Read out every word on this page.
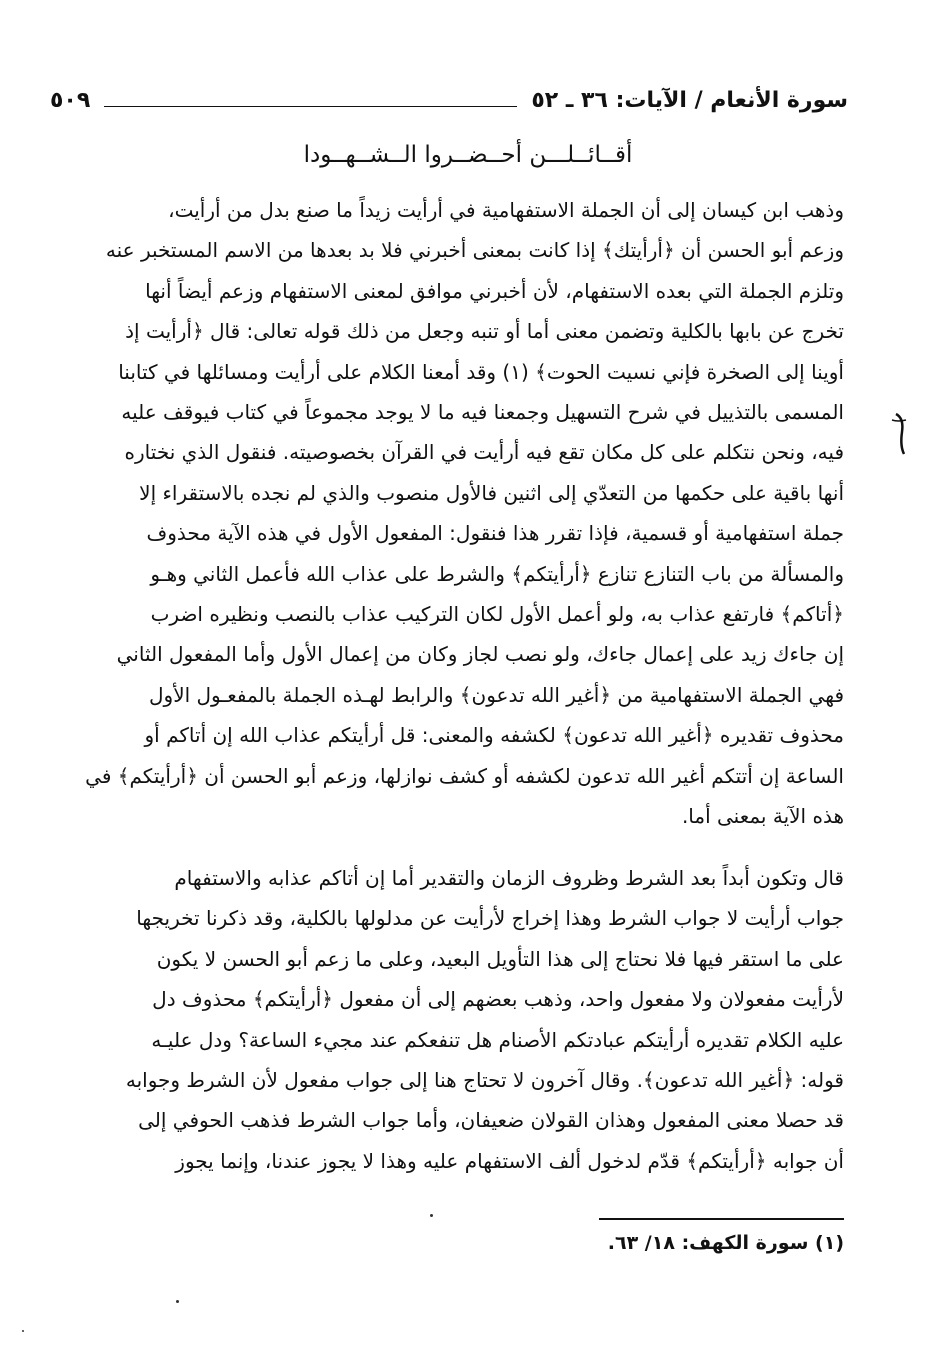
سورة الأنعام / الآيات: ٣٦ ـ ٥٢
٥٠٩
أقــائــلـــن أحــضــروا الــشــهــودا

وذهب ابن كيسان إلى أن الجملة الاستفهامية في أرأيت زيداً ما صنع بدل من أرأيت،

وزعم أبو الحسن أن ﴿أرأيتك﴾ إذا كانت بمعنى أخبرني فلا بد بعدها من الاسم المستخبر عنه

وتلزم الجملة التي بعده الاستفهام، لأن أخبرني موافق لمعنى الاستفهام وزعم أيضاً أنها

تخرج عن بابها بالكلية وتضمن معنى أما أو تنبه وجعل من ذلك قوله تعالى: قال ﴿أرأيت إذ

أوينا إلى الصخرة فإني نسيت الحوت﴾ (١) وقد أمعنا الكلام على أرأيت ومسائلها في كتابنا

المسمى بالتذييل في شرح التسهيل وجمعنا فيه ما لا يوجد مجموعاً في كتاب فيوقف عليه

فيه، ونحن نتكلم على كل مكان تقع فيه أرأيت في القرآن بخصوصيته. فنقول الذي نختاره

أنها باقية على حكمها من التعدّي إلى اثنين فالأول منصوب والذي لم نجده بالاستقراء إلا

جملة استفهامية أو قسمية، فإذا تقرر هذا فنقول: المفعول الأول في هذه الآية محذوف

والمسألة من باب التنازع تنازع ﴿أرأيتكم﴾ والشرط على عذاب الله فأعمل الثاني وهـو

﴿أتاكم﴾ فارتفع عذاب به، ولو أعمل الأول لكان التركيب عذاب بالنصب ونظيره اضرب

إن جاءك زيد على إعمال جاءك، ولو نصب لجاز وكان من إعمال الأول وأما المفعول الثاني

فهي الجملة الاستفهامية من ﴿أغير الله تدعون﴾ والرابط لهـذه الجملة بالمفعـول الأول

محذوف تقديره ﴿أغير الله تدعون﴾ لكشفه والمعنى: قل أرأيتكم عذاب الله إن أتاكم أو

الساعة إن أتتكم أغير الله تدعون لكشفه أو كشف نوازلها، وزعم أبو الحسن أن ﴿أرأيتكم﴾ في

هذه الآية بمعنى أما.

قال وتكون أبداً بعد الشرط وظروف الزمان والتقدير أما إن أتاكم عذابه والاستفهام

جواب أرأيت لا جواب الشرط وهذا إخراج لأرأيت عن مدلولها بالكلية، وقد ذكرنا تخريجها

على ما استقر فيها فلا نحتاج إلى هذا التأويل البعيد، وعلى ما زعم أبو الحسن لا يكون

لأرأيت مفعولان ولا مفعول واحد، وذهب بعضهم إلى أن مفعول ﴿أرأيتكم﴾ محذوف دل

عليه الكلام تقديره أرأيتكم عبادتكم الأصنام هل تنفعكم عند مجيء الساعة؟ ودل عليـه

قوله: ﴿أغير الله تدعون﴾. وقال آخرون لا تحتاج هنا إلى جواب مفعول لأن الشرط وجوابه

قد حصلا معنى المفعول وهذان القولان ضعيفان، وأما جواب الشرط فذهب الحوفي إلى

أن جوابه ﴿أرأيتكم﴾ قدّم لدخول ألف الاستفهام عليه وهذا لا يجوز عندنا، وإنما يجوز

(١) سورة الكهف: ١٨/ ٦٣.
